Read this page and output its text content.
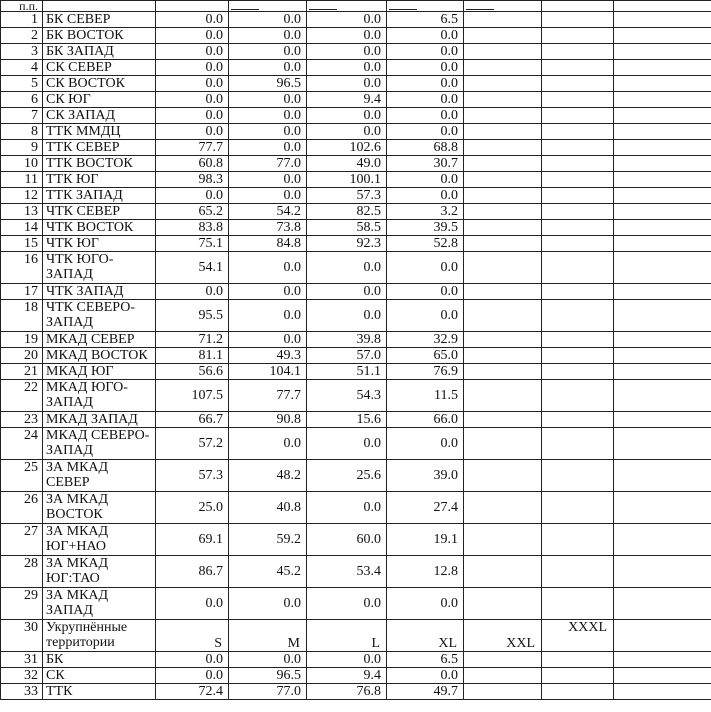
п.п.								
1	БК СЕВЕР	0.0	0.0	0.0	6.5			
2	БК ВОСТОК	0.0	0.0	0.0	0.0			
3	БК ЗАПАД	0.0	0.0	0.0	0.0			
4	СК СЕВЕР	0.0	0.0	0.0	0.0			
5	СК ВОСТОК	0.0	96.5	0.0	0.0			
6	СК ЮГ	0.0	0.0	9.4	0.0			
7	СК ЗАПАД	0.0	0.0	0.0	0.0			
8	ТТК ММДЦ	0.0	0.0	0.0	0.0			
9	ТТК СЕВЕР	77.7	0.0	102.6	68.8			
10	ТТК ВОСТОК	60.8	77.0	49.0	30.7			
11	ТТК ЮГ	98.3	0.0	100.1	0.0			
12	ТТК ЗАПАД	0.0	0.0	57.3	0.0			
13	ЧТК СЕВЕР	65.2	54.2	82.5	3.2			
14	ЧТК ВОСТОК	83.8	73.8	58.5	39.5			
15	ЧТК ЮГ	75.1	84.8	92.3	52.8			
16	ЧТК ЮГО-ЗАПАД	54.1	0.0	0.0	0.0			
17	ЧТК ЗАПАД	0.0	0.0	0.0	0.0			
18	ЧТК СЕВЕРО-ЗАПАД	95.5	0.0	0.0	0.0			
19	МКАД СЕВЕР	71.2	0.0	39.8	32.9			
20	МКАД ВОСТОК	81.1	49.3	57.0	65.0			
21	МКАД ЮГ	56.6	104.1	51.1	76.9			
22	МКАД ЮГО-ЗАПАД	107.5	77.7	54.3	11.5			
23	МКАД ЗАПАД	66.7	90.8	15.6	66.0			
24	МКАД СЕВЕРО-ЗАПАД	57.2	0.0	0.0	0.0			
25	ЗА МКАД СЕВЕР	57.3	48.2	25.6	39.0			
26	ЗА МКАД ВОСТОК	25.0	40.8	0.0	27.4			
27	ЗА МКАД ЮГ+НАО	69.1	59.2	60.0	19.1			
28	ЗА МКАД ЮГ:ТАО	86.7	45.2	53.4	12.8			
29	ЗА МКАД ЗАПАД	0.0	0.0	0.0	0.0			
30	Укрупнённые территории	S	M	L	XL	XXL	XXXL	
31	БК	0.0	0.0	0.0	6.5			
32	СК	0.0	96.5	9.4	0.0			
33	ТТК	72.4	77.0	76.8	49.7			
